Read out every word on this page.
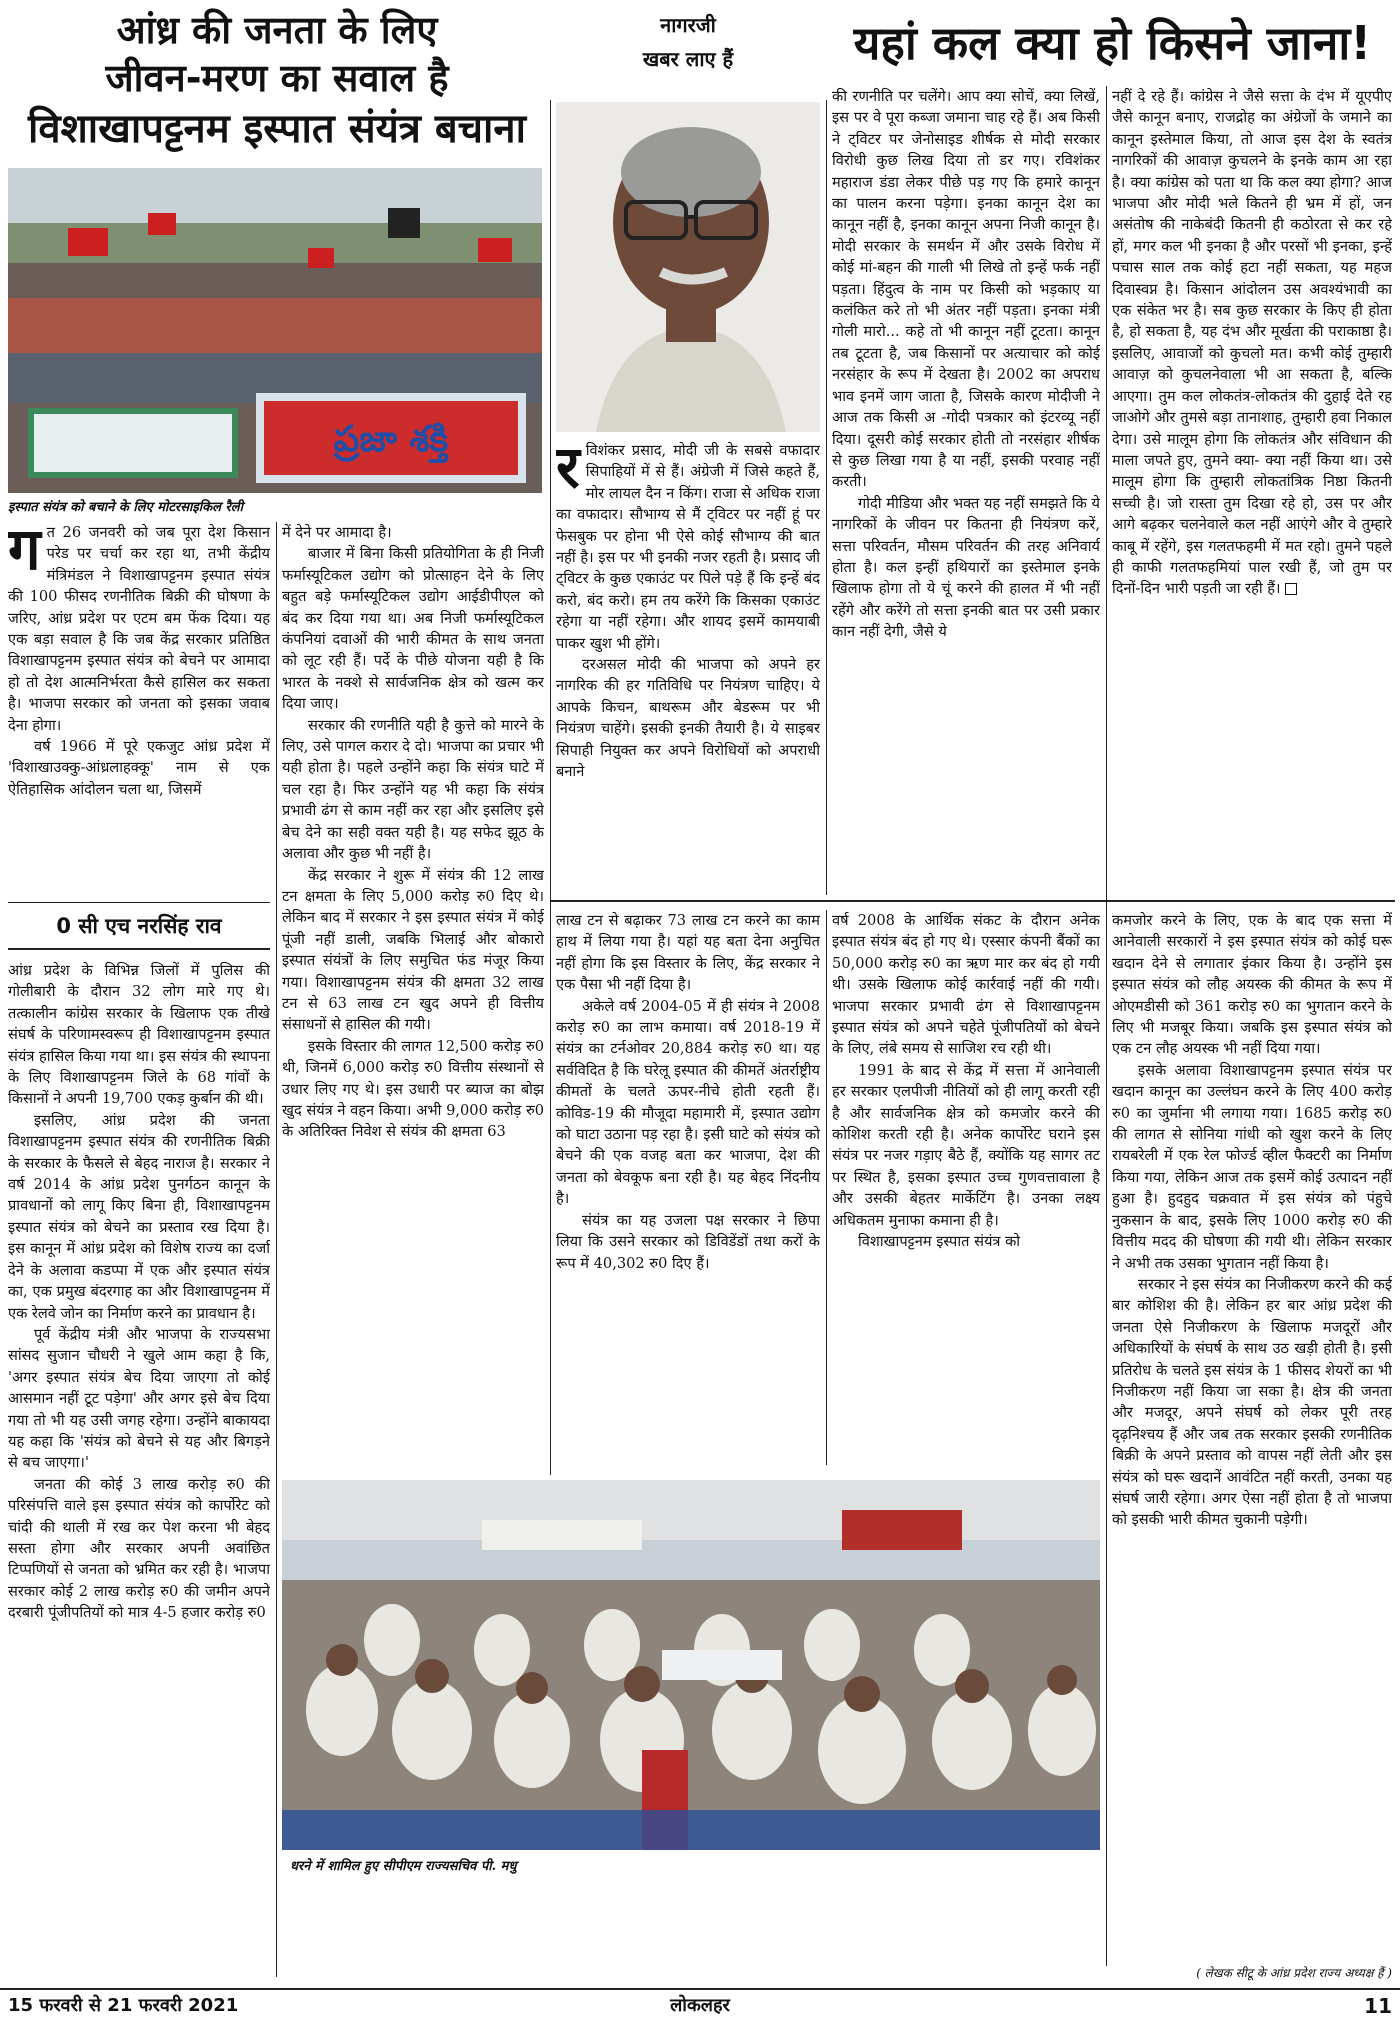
आंध्र की जनता के लिए
जीवन-मरण का सवाल है
विशाखापट्टनम इस्पात संयंत्र बचाना
ప్రజా శక్తి
इस्पात संयंत्र को बचाने के लिए मोटरसाइकिल रैली

गत 26 जनवरी को जब पूरा देश किसान परेड पर चर्चा कर रहा था, तभी केंद्रीय मंत्रिमंडल ने विशाखापट्टनम इस्पात संयंत्र की 100 फीसद रणनीतिक बिक्री की घोषणा के जरिए, आंध्र प्रदेश पर एटम बम फेंक दिया। यह एक बड़ा सवाल है कि जब केंद्र सरकार प्रतिष्ठित विशाखापट्टनम इस्पात संयंत्र को बेचने पर आमादा हो तो देश आत्मनिर्भरता कैसे हासिल कर सकता है। भाजपा सरकार को जनता को इसका जवाब देना होगा।

वर्ष 1966 में पूरे एकजुट आंध्र प्रदेश में 'विशाखाउक्कु-आंध्रलाहक्कू' नाम से एक ऐतिहासिक आंदोलन चला था, जिसमें

0 सी एच नरसिंह राव

आंध्र प्रदेश के विभिन्न जिलों में पुलिस की गोलीबारी के दौरान 32 लोग मारे गए थे। तत्कालीन कांग्रेस सरकार के खिलाफ एक तीखे संघर्ष के परिणामस्वरूप ही विशाखापट्टनम इस्पात संयंत्र हासिल किया गया था। इस संयंत्र की स्थापना के लिए विशाखापट्टनम जिले के 68 गांवों के किसानों ने अपनी 19,700 एकड़ कुर्बान की थी।

इसलिए, आंध्र प्रदेश की जनता विशाखापट्टनम इस्पात संयंत्र की रणनीतिक बिक्री के सरकार के फैसले से बेहद नाराज है। सरकार ने वर्ष 2014 के आंध्र प्रदेश पुनर्गठन कानून के प्रावधानों को लागू किए बिना ही, विशाखापट्टनम इस्पात संयंत्र को बेचने का प्रस्ताव रख दिया है। इस कानून में आंध्र प्रदेश को विशेष राज्य का दर्जा देने के अलावा कडप्पा में एक और इस्पात संयंत्र का, एक प्रमुख बंदरगाह का और विशाखापट्टनम में एक रेलवे जोन का निर्माण करने का प्रावधान है।

पूर्व केंद्रीय मंत्री और भाजपा के राज्यसभा सांसद सुजान चौधरी ने खुले आम कहा है कि, 'अगर इस्पात संयंत्र बेच दिया जाएगा तो कोई आसमान नहीं टूट पड़ेगा' और अगर इसे बेच दिया गया तो भी यह उसी जगह रहेगा। उन्होंने बाकायदा यह कहा कि 'संयंत्र को बेचने से यह और बिगड़ने से बच जाएगा।'

जनता की कोई 3 लाख करोड़ रु0 की परिसंपत्ति वाले इस इस्पात संयंत्र को कार्पोरेट को चांदी की थाली में रख कर पेश करना भी बेहद सस्ता होगा और सरकार अपनी अवांछित टिप्पणियों से जनता को भ्रमित कर रही है। भाजपा सरकार कोई 2 लाख करोड़ रु0 की जमीन अपने दरबारी पूंजीपतियों को मात्र 4-5 हजार करोड़ रु0

में देने पर आमादा है।

बाजार में बिना किसी प्रतियोगिता के ही निजी फर्मास्यूटिकल उद्योग को प्रोत्साहन देने के लिए बहुत बड़े फर्मास्यूटिकल उद्योग आईडीपीएल को बंद कर दिया गया था। अब निजी फर्मास्यूटिकल कंपनियां दवाओं की भारी कीमत के साथ जनता को लूट रही हैं। पर्दे के पीछे योजना यही है कि भारत के नक्शे से सार्वजनिक क्षेत्र को खत्म कर दिया जाए।

सरकार की रणनीति यही है कुत्ते को मारने के लिए, उसे पागल करार दे दो। भाजपा का प्रचार भी यही होता है। पहले उन्होंने कहा कि संयंत्र घाटे में चल रहा है। फिर उन्होंने यह भी कहा कि संयंत्र प्रभावी ढंग से काम नहीं कर रहा और इसलिए इसे बेच देने का सही वक्त यही है। यह सफेद झूठ के अलावा और कुछ भी नहीं है।

केंद्र सरकार ने शुरू में संयंत्र की 12 लाख टन क्षमता के लिए 5,000 करोड़ रु0 दिए थे। लेकिन बाद में सरकार ने इस इस्पात संयंत्र में कोई पूंजी नहीं डाली, जबकि भिलाई और बोकारो इस्पात संयंत्रों के लिए समुचित फंड मंजूर किया गया। विशाखापट्टनम संयंत्र की क्षमता 32 लाख टन से 63 लाख टन खुद अपने ही वित्तीय संसाधनों से हासिल की गयी।

इसके विस्तार की लागत 12,500 करोड़ रु0 थी, जिनमें 6,000 करोड़ रु0 वित्तीय संस्थानों से उधार लिए गए थे। इस उधारी पर ब्याज का बोझ खुद संयंत्र ने वहन किया। अभी 9,000 करोड़ रु0 के अतिरिक्त निवेश से संयंत्र की क्षमता 63

नागरजी
खबर लाए हैं	यहां कल क्या हो किसने जाना!

रविशंकर प्रसाद, मोदी जी के सबसे वफादार सिपाहियों में से हैं। अंग्रेजी में जिसे कहते हैं, मोर लायल दैन न किंग। राजा से अधिक राजा का वफादार। सौभाग्य से मैं ट्विटर पर नहीं हूं पर फेसबुक पर होना भी ऐसे कोई सौभाग्य की बात नहीं है। इस पर भी इनकी नजर रहती है। प्रसाद जी ट्विटर के कुछ एकाउंट पर पिले पड़े हैं कि इन्हें बंद करो, बंद करो। हम तय करेंगे कि किसका एकाउंट रहेगा या नहीं रहेगा। और शायद इसमें कामयाबी पाकर खुश भी होंगे।

दरअसल मोदी की भाजपा को अपने हर नागरिक की हर गतिविधि पर नियंत्रण चाहिए। ये आपके किचन, बाथरूम और बेडरूम पर भी नियंत्रण चाहेंगे। इसकी इनकी तैयारी है। ये साइबर सिपाही नियुक्त कर अपने विरोधियों को अपराधी बनाने

की रणनीति पर चलेंगे। आप क्या सोचें, क्या लिखें, इस पर वे पूरा कब्जा जमाना चाह रहे हैं। अब किसी ने ट्विटर पर जेनोसाइड शीर्षक से मोदी सरकार विरोधी कुछ लिख दिया तो डर गए। रविशंकर महाराज डंडा लेकर पीछे पड़ गए कि हमारे कानून का पालन करना पड़ेगा। इनका कानून देश का कानून नहीं है, इनका कानून अपना निजी कानून है। मोदी सरकार के समर्थन में और उसके विरोध में कोई मां-बहन की गाली भी लिखे तो इन्हें फर्क नहीं पड़ता। हिंदुत्व के नाम पर किसी को भड़काए या कलंकित करे तो भी अंतर नहीं पड़ता। इनका मंत्री गोली मारो... कहे तो भी कानून नहीं टूटता। कानून तब टूटता है, जब किसानों पर अत्याचार को कोई नरसंहार के रूप में देखता है। 2002 का अपराध भाव इनमें जाग जाता है, जिसके कारण मोदीजी ने आज तक किसी अ -गोदी पत्रकार को इंटरव्यू नहीं दिया। दूसरी कोई सरकार होती तो नरसंहार शीर्षक से कुछ लिखा गया है या नहीं, इसकी परवाह नहीं करती।

गोदी मीडिया और भक्त यह नहीं समझते कि ये नागरिकों के जीवन पर कितना ही नियंत्रण करें, सत्ता परिवर्तन, मौसम परिवर्तन की तरह अनिवार्य होता है। कल इन्हीं हथियारों का इस्तेमाल इनके खिलाफ होगा तो ये चूं करने की हालत में भी नहीं रहेंगे और करेंगे तो सत्ता इनकी बात पर उसी प्रकार कान नहीं देगी, जैसे ये

नहीं दे रहे हैं। कांग्रेस ने जैसे सत्ता के दंभ में यूएपीए जैसे कानून बनाए, राजद्रोह का अंग्रेजों के जमाने का कानून इस्तेमाल किया, तो आज इस देश के स्वतंत्र नागरिकों की आवाज़ कुचलने के इनके काम आ रहा है। क्या कांग्रेस को पता था कि कल क्या होगा? आज भाजपा और मोदी भले कितने ही भ्रम में हों, जन असंतोष की नाकेबंदी कितनी ही कठोरता से कर रहे हों, मगर कल भी इनका है और परसों भी इनका, इन्हें पचास साल तक कोई हटा नहीं सकता, यह महज दिवास्वप्न है। किसान आंदोलन उस अवश्यंभावी का एक संकेत भर है। सब कुछ सरकार के किए ही होता है, हो सकता है, यह दंभ और मूर्खता की पराकाष्ठा है। इसलिए, आवाजों को कुचलो मत। कभी कोई तुम्हारी आवाज़ को कुचलनेवाला भी आ सकता है, बल्कि आएगा। तुम कल लोकतंत्र-लोकतंत्र की दुहाई देते रह जाओगे और तुमसे बड़ा तानाशाह, तुम्हारी हवा निकाल देगा। उसे मालूम होगा कि लोकतंत्र और संविधान की माला जपते हुए, तुमने क्या- क्या नहीं किया था। उसे मालूम होगा कि तुम्हारी लोकतांत्रिक निष्ठा कितनी सच्ची है। जो रास्ता तुम दिखा रहे हो, उस पर और आगे बढ़कर चलनेवाले कल नहीं आएंगे और वे तुम्हारे काबू में रहेंगे, इस गलतफहमी में मत रहो। तुमने पहले ही काफी गलतफहमियां पाल रखी हैं, जो तुम पर दिनों-दिन भारी पड़ती जा रही हैं।

लाख टन से बढ़ाकर 73 लाख टन करने का काम हाथ में लिया गया है। यहां यह बता देना अनुचित नहीं होगा कि इस विस्तार के लिए, केंद्र सरकार ने एक पैसा भी नहीं दिया है।

अकेले वर्ष 2004-05 में ही संयंत्र ने 2008 करोड़ रु0 का लाभ कमाया। वर्ष 2018-19 में संयंत्र का टर्नओवर 20,884 करोड़ रु0 था। यह सर्वविदित है कि घरेलू इस्पात की कीमतें अंतर्राष्ट्रीय कीमतों के चलते ऊपर-नीचे होती रहती हैं। कोविड-19 की मौजूदा महामारी में, इस्पात उद्योग को घाटा उठाना पड़ रहा है। इसी घाटे को संयंत्र को बेचने की एक वजह बता कर भाजपा, देश की जनता को बेवकूफ बना रही है। यह बेहद निंदनीय है।

संयंत्र का यह उजला पक्ष सरकार ने छिपा लिया कि उसने सरकार को डिविडेंडों तथा करों के रूप में 40,302 रु0 दिए हैं।

वर्ष 2008 के आर्थिक संकट के दौरान अनेक इस्पात संयंत्र बंद हो गए थे। एस्सार कंपनी बैंकों का 50,000 करोड़ रु0 का ऋण मार कर बंद हो गयी थी। उसके खिलाफ कोई कार्रवाई नहीं की गयी। भाजपा सरकार प्रभावी ढंग से विशाखापट्टनम इस्पात संयंत्र को अपने चहेते पूंजीपतियों को बेचने के लिए, लंबे समय से साजिश रच रही थी।

1991 के बाद से केंद्र में सत्ता में आनेवाली हर सरकार एलपीजी नीतियों को ही लागू करती रही है और सार्वजनिक क्षेत्र को कमजोर करने की कोशिश करती रही है। अनेक कार्पोरेट घराने इस संयंत्र पर नजर गड़ाए बैठे हैं, क्योंकि यह सागर तट पर स्थित है, इसका इस्पात उच्च गुणवत्तावाला है और उसकी बेहतर मार्केटिंग है। उनका लक्ष्य अधिकतम मुनाफा कमाना ही है।

विशाखापट्टनम इस्पात संयंत्र को

कमजोर करने के लिए, एक के बाद एक सत्ता में आनेवाली सरकारों ने इस इस्पात संयंत्र को कोई घरू खदान देने से लगातार इंकार किया है। उन्होंने इस इस्पात संयंत्र को लौह अयस्क की कीमत के रूप में ओएमडीसी को 361 करोड़ रु0 का भुगतान करने के लिए भी मजबूर किया। जबकि इस इस्पात संयंत्र को एक टन लौह अयस्क भी नहीं दिया गया।

इसके अलावा विशाखापट्टनम इस्पात संयंत्र पर खदान कानून का उल्लंघन करने के लिए 400 करोड़ रु0 का जुर्माना भी लगाया गया। 1685 करोड़ रु0 की लागत से सोनिया गांधी को खुश करने के लिए रायबरेली में एक रेल फोर्ज्ड व्हील फैक्टरी का निर्माण किया गया, लेकिन आज तक इसमें कोई उत्पादन नहीं हुआ है। हुदहुद चक्रवात में इस संयंत्र को पंहुचे नुकसान के बाद, इसके लिए 1000 करोड़ रु0 की वित्तीय मदद की घोषणा की गयी थी। लेकिन सरकार ने अभी तक उसका भुगतान नहीं किया है।

सरकार ने इस संयंत्र का निजीकरण करने की कई बार कोशिश की है। लेकिन हर बार आंध्र प्रदेश की जनता ऐसे निजीकरण के खिलाफ मजदूरों और अधिकारियों के संघर्ष के साथ उठ खड़ी होती है। इसी प्रतिरोध के चलते इस संयंत्र के 1 फीसद शेयरों का भी निजीकरण नहीं किया जा सका है। क्षेत्र की जनता और मजदूर, अपने संघर्ष को लेकर पूरी तरह दृढ़निश्चय हैं और जब तक सरकार इसकी रणनीतिक बिक्री के अपने प्रस्ताव को वापस नहीं लेती और इस संयंत्र को घरू खदानें आवंटित नहीं करती, उनका यह संघर्ष जारी रहेगा। अगर ऐसा नहीं होता है तो भाजपा को इसकी भारी कीमत चुकानी पड़ेगी।

( लेखक सीटू के आंध्र प्रदेश राज्य अध्यक्ष हैं )
धरने में शामिल हुए सीपीएम राज्यसचिव पी. मधु
15 फरवरी से 21 फरवरी 2021	लोकलहर	11
